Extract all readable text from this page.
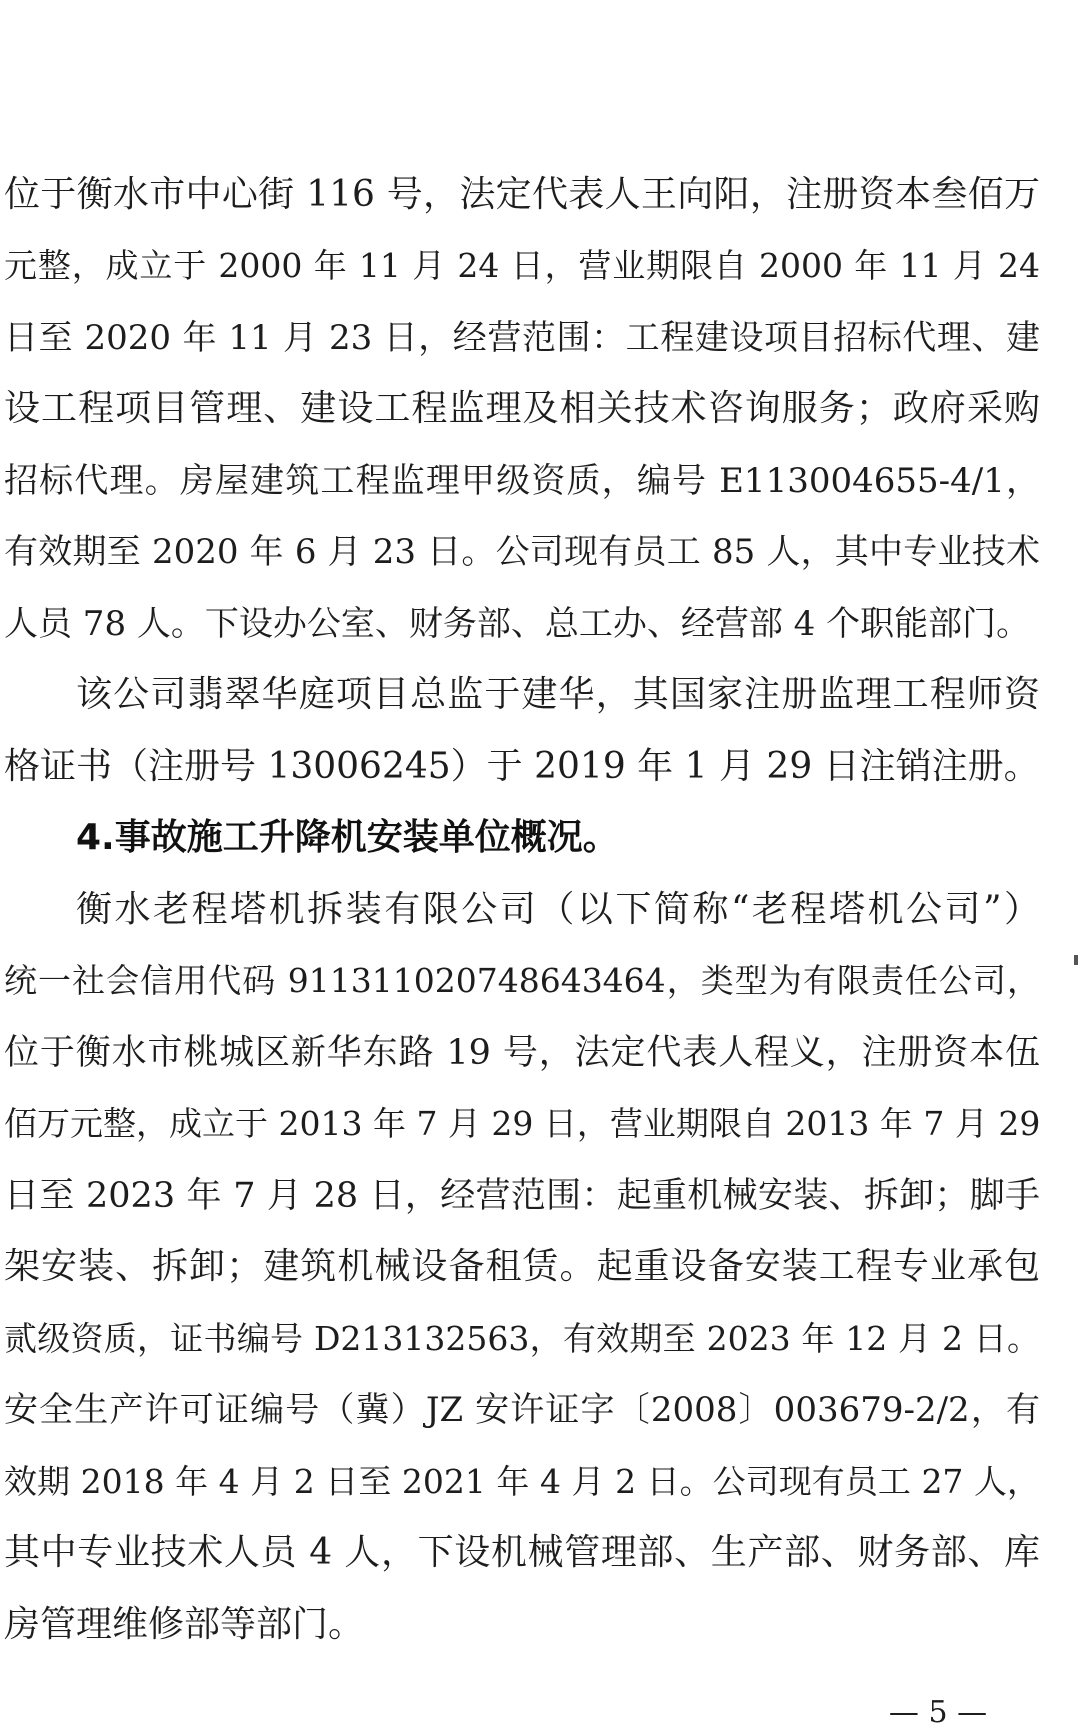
位于衡水市中心街 116 号，法定代表人王向阳，注册资本叁佰万
元整，成立于 2000 年 11 月 24 日，营业期限自 2000 年 11 月 24
日至 2020 年 11 月 23 日，经营范围：工程建设项目招标代理、建
设工程项目管理、建设工程监理及相关技术咨询服务；政府采购
招标代理。房屋建筑工程监理甲级资质，编号 E113004655-4/1，
有效期至 2020 年 6 月 23 日。公司现有员工 85 人，其中专业技术
人员 78 人。下设办公室、财务部、总工办、经营部 4 个职能部门。
该公司翡翠华庭项目总监于建华，其国家注册监理工程师资
格证书（注册号 13006245）于 2019 年 1 月 29 日注销注册。
4.事故施工升降机安装单位概况。
衡水老程塔机拆装有限公司（以下简称“老程塔机公司”）
统一社会信用代码 911311020748643464，类型为有限责任公司，
位于衡水市桃城区新华东路 19 号，法定代表人程义，注册资本伍
佰万元整，成立于 2013 年 7 月 29 日，营业期限自 2013 年 7 月 29
日至 2023 年 7 月 28 日，经营范围：起重机械安装、拆卸；脚手
架安装、拆卸；建筑机械设备租赁。起重设备安装工程专业承包
贰级资质，证书编号 D213132563，有效期至 2023 年 12 月 2 日。
安全生产许可证编号（冀）JZ 安许证字〔2008〕003679-2/2，有
效期 2018 年 4 月 2 日至 2021 年 4 月 2 日。公司现有员工 27 人，
其中专业技术人员 4 人，下设机械管理部、生产部、财务部、库
房管理维修部等部门。
— 5 —
